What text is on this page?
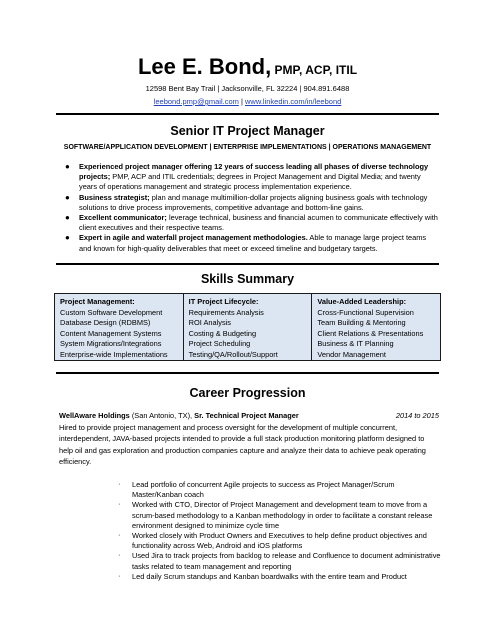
Lee E. Bond, PMP, ACP, ITIL
12598 Bent Bay Trail | Jacksonville, FL 32224 | 904.891.6488
leebond.pmp@gmail.com | www.linkedin.com/in/leebond
Senior IT Project Manager
SOFTWARE/APPLICATION DEVELOPMENT | ENTERPRISE IMPLEMENTATIONS | OPERATIONS MANAGEMENT
● Experienced project manager offering 12 years of success leading all phases of diverse technology projects; PMP, ACP and ITIL credentials; degrees in Project Management and Digital Media; and twenty years of operations management and strategic process implementation experience.
● Business strategist; plan and manage multimillion-dollar projects aligning business goals with technology solutions to drive process improvements, competitive advantage and bottom-line gains.
● Excellent communicator; leverage technical, business and financial acumen to communicate effectively with client executives and their respective teams.
● Expert in agile and waterfall project management methodologies. Able to manage large project teams and known for high-quality deliverables that meet or exceed timeline and budgetary targets.
Skills Summary
Project Management:
Custom Software Development
Database Design (RDBMS)
Content Management Systems
System Migrations/Integrations
Enterprise-wide Implementations
IT Project Lifecycle:
Requirements Analysis
ROI Analysis
Costing & Budgeting
Project Scheduling
Testing/QA/Rollout/Support
Value-Added Leadership:
Cross-Functional Supervision
Team Building & Mentoring
Client Relations & Presentations
Business & IT Planning
Vendor Management
Career Progression
WellAware Holdings (San Antonio, TX), Sr. Technical Project Manager	2014 to 2015
Hired to provide project management and process oversight for the development of multiple concurrent, interdependent, JAVA-based projects intended to provide a full stack production monitoring platform designed to help oil and gas exploration and production companies capture and analyze their data to achieve peak operating efficiency.
· Lead portfolio of concurrent Agile projects to success as Project Manager/Scrum Master/Kanban coach
· Worked with CTO, Director of Project Management and development team to move from a scrum-based methodology to a Kanban methodology in order to facilitate a constant release environment designed to minimize cycle time
· Worked closely with Product Owners and Executives to help define product objectives and functionality across Web, Android and iOS platforms
· Used Jira to track projects from backlog to release and Confluence to document administrative tasks related to team management and reporting
· Led daily Scrum standups and Kanban boardwalks with the entire team and Product
